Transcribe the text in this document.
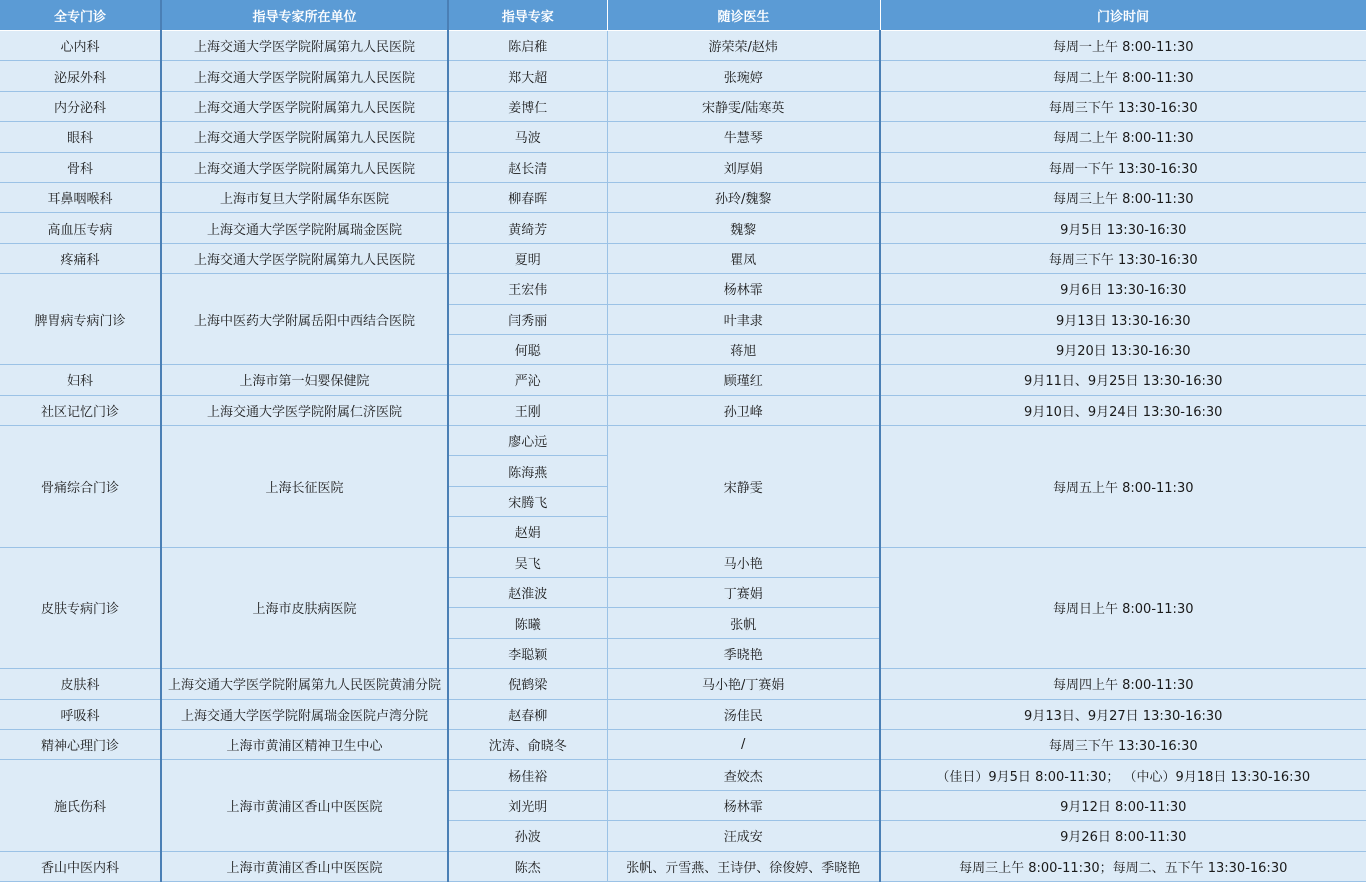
全专门诊	指导专家所在单位	指导专家	随诊医生	门诊时间
心内科	上海交通大学医学院附属第九人民医院	陈启稚	游荣荣/赵炜	每周一上午 8:00-11:30
泌尿外科	上海交通大学医学院附属第九人民医院	郑大超	张琬婷	每周二上午 8:00-11:30
内分泌科	上海交通大学医学院附属第九人民医院	姜博仁	宋静雯/陆寒英	每周三下午 13:30-16:30
眼科	上海交通大学医学院附属第九人民医院	马波	牛慧琴	每周二上午 8:00-11:30
骨科	上海交通大学医学院附属第九人民医院	赵长清	刘厚娟	每周一下午 13:30-16:30
耳鼻咽喉科	上海市复旦大学附属华东医院	柳春晖	孙玲/魏黎	每周三上午 8:00-11:30
高血压专病	上海交通大学医学院附属瑞金医院	黄绮芳	魏黎	9月5日 13:30-16:30
疼痛科	上海交通大学医学院附属第九人民医院	夏明	瞿凤	每周三下午 13:30-16:30
脾胃病专病门诊	上海中医药大学附属岳阳中西结合医院	王宏伟	杨林霏	9月6日 13:30-16:30
		闫秀丽	叶聿隶	9月13日 13:30-16:30
		何聪	蒋旭	9月20日 13:30-16:30
妇科	上海市第一妇婴保健院	严沁	顾瑾红	9月11日、9月25日 13:30-16:30
社区记忆门诊	上海交通大学医学院附属仁济医院	王刚	孙卫峰	9月10日、9月24日 13:30-16:30
骨痛综合门诊	上海长征医院	廖心远	宋静雯	每周五上午 8:00-11:30
		陈海燕		
		宋腾飞		
		赵娟		
皮肤专病门诊	上海市皮肤病医院	吴飞	马小艳	每周日上午 8:00-11:30
		赵淮波	丁赛娟	
		陈曦	张帆	
		李聪颖	季晓艳	
皮肤科	上海交通大学医学院附属第九人民医院黄浦分院	倪鹤梁	马小艳/丁赛娟	每周四上午 8:00-11:30
呼吸科	上海交通大学医学院附属瑞金医院卢湾分院	赵春柳	汤佳民	9月13日、9月27日 13:30-16:30
精神心理门诊	上海市黄浦区精神卫生中心	沈涛、俞晓冬	/	每周三下午 13:30-16:30
施氏伤科	上海市黄浦区香山中医医院	杨佳裕	查姣杰	（佳日）9月5日 8:00-11:30； （中心）9月18日 13:30-16:30
		刘光明	杨林霏	9月12日 8:00-11:30
		孙波	汪成安	9月26日 8:00-11:30
香山中医内科	上海市黄浦区香山中医医院	陈杰	张帆、亓雪燕、王诗伊、徐俊婷、季晓艳	每周三上午 8:00-11:30；每周二、五下午 13:30-16:30
